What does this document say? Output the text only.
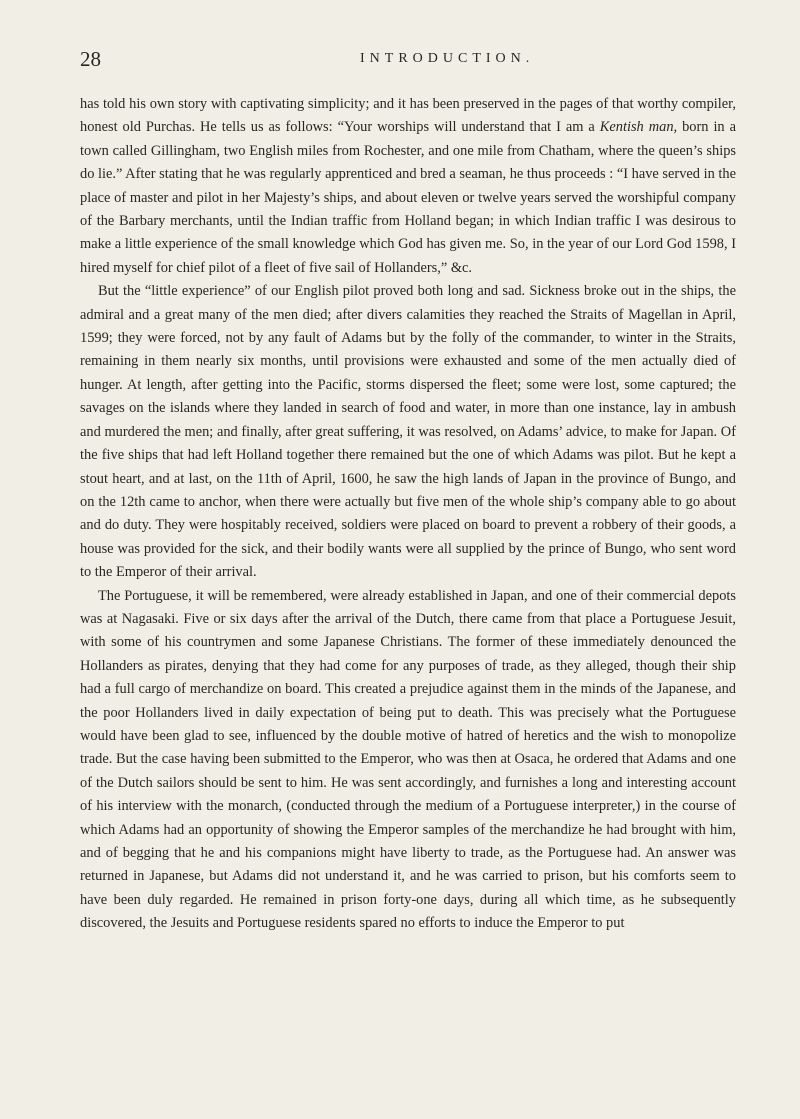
28	INTRODUCTION.

has told his own story with captivating simplicity; and it has been preserved in the pages of that worthy compiler, honest old Purchas. He tells us as follows: “Your worships will understand that I am a Kentish man, born in a town called Gillingham, two English miles from Rochester, and one mile from Chatham, where the queen’s ships do lie.” After stating that he was regularly apprenticed and bred a seaman, he thus proceeds : “I have served in the place of master and pilot in her Majesty’s ships, and about eleven or twelve years served the worshipful company of the Barbary merchants, until the Indian traffic from Holland began; in which Indian traffic I was desirous to make a little experience of the small knowledge which God has given me. So, in the year of our Lord God 1598, I hired myself for chief pilot of a fleet of five sail of Hollanders,” &c.

But the “little experience” of our English pilot proved both long and sad. Sickness broke out in the ships, the admiral and a great many of the men died; after divers calamities they reached the Straits of Magellan in April, 1599; they were forced, not by any fault of Adams but by the folly of the commander, to winter in the Straits, remaining in them nearly six months, until provisions were exhausted and some of the men actually died of hunger. At length, after getting into the Pacific, storms dispersed the fleet; some were lost, some captured; the savages on the islands where they landed in search of food and water, in more than one instance, lay in ambush and murdered the men; and finally, after great suffering, it was resolved, on Adams’ advice, to make for Japan. Of the five ships that had left Holland together there remained but the one of which Adams was pilot. But he kept a stout heart, and at last, on the 11th of April, 1600, he saw the high lands of Japan in the province of Bungo, and on the 12th came to anchor, when there were actually but five men of the whole ship’s company able to go about and do duty. They were hospitably received, soldiers were placed on board to prevent a robbery of their goods, a house was provided for the sick, and their bodily wants were all supplied by the prince of Bungo, who sent word to the Emperor of their arrival.

The Portuguese, it will be remembered, were already established in Japan, and one of their commercial depots was at Nagasaki. Five or six days after the arrival of the Dutch, there came from that place a Portuguese Jesuit, with some of his countrymen and some Japanese Christians. The former of these immediately denounced the Hollanders as pirates, denying that they had come for any purposes of trade, as they alleged, though their ship had a full cargo of merchandize on board. This created a prejudice against them in the minds of the Japanese, and the poor Hollanders lived in daily expectation of being put to death. This was precisely what the Portuguese would have been glad to see, influenced by the double motive of hatred of heretics and the wish to monopolize trade. But the case having been submitted to the Emperor, who was then at Osaca, he ordered that Adams and one of the Dutch sailors should be sent to him. He was sent accordingly, and furnishes a long and interesting account of his interview with the monarch, (conducted through the medium of a Portuguese interpreter,) in the course of which Adams had an opportunity of showing the Emperor samples of the merchandize he had brought with him, and of begging that he and his companions might have liberty to trade, as the Portuguese had. An answer was returned in Japanese, but Adams did not understand it, and he was carried to prison, but his comforts seem to have been duly regarded. He remained in prison forty-one days, during all which time, as he subsequently discovered, the Jesuits and Portuguese residents spared no efforts to induce the Emperor to put
